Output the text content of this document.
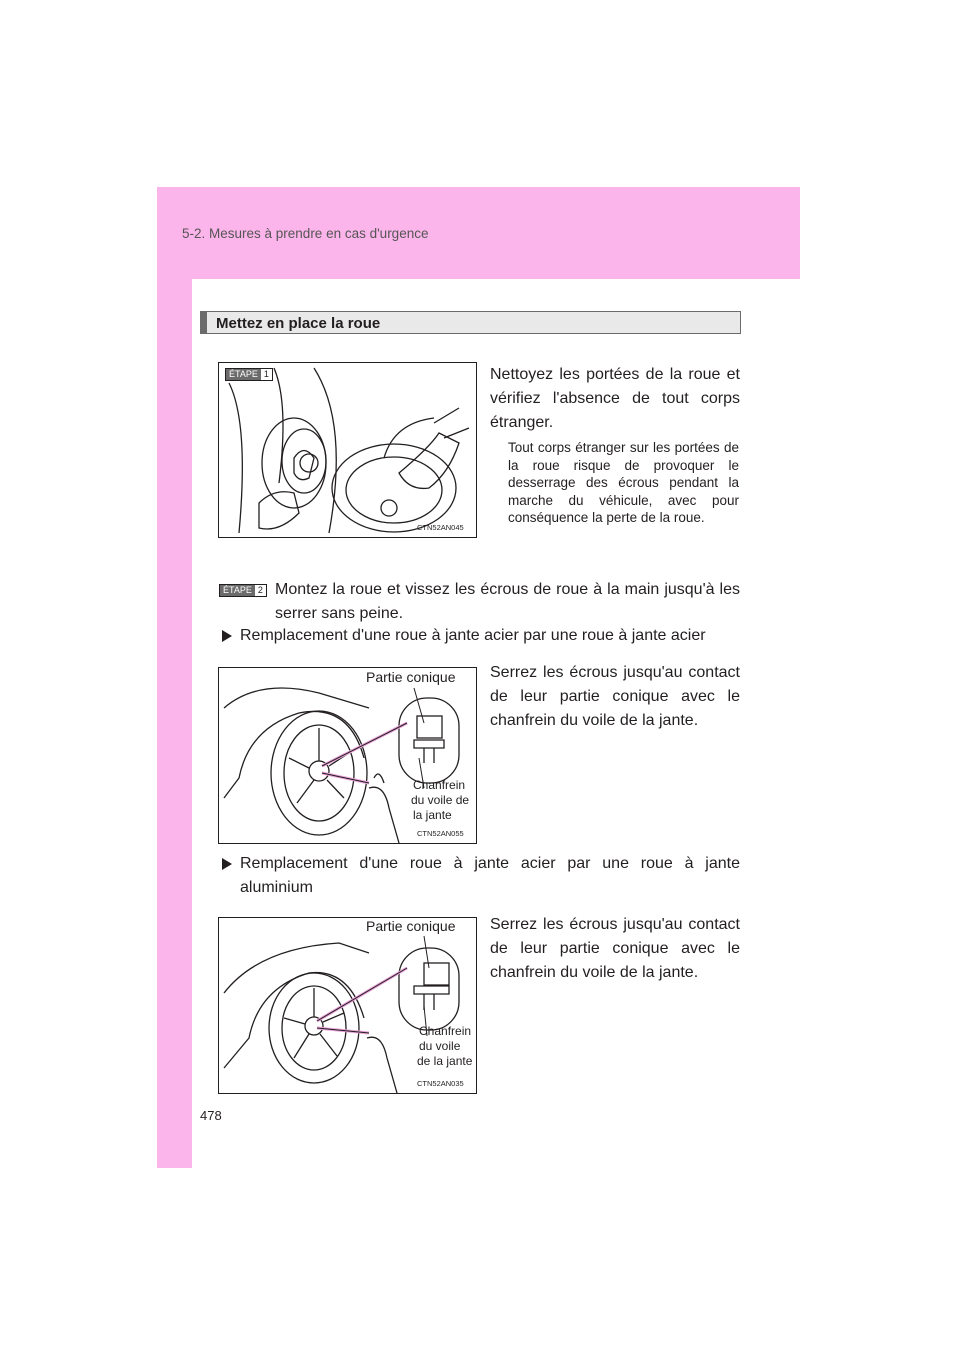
5-2. Mesures à prendre en cas d'urgence
478
Mettez en place la roue
ÉTAPE 1
CTN52AN045
Nettoyez les portées de la roue et vérifiez l'absence de tout corps étranger.
Tout corps étranger sur les portées de la roue risque de provoquer le desserrage des écrous pendant la marche du véhicule, avec pour conséquence la perte de la roue.
ÉTAPE 2 Montez la roue et vissez les écrous de roue à la main jusqu'à les serrer sans peine.
Remplacement d'une roue à jante acier par une roue à jante acier
CTN52AN055
Partie conique
Chanfrein
du voile de
la jante
Serrez les écrous jusqu'au contact de leur partie conique avec le chanfrein du voile de la jante.
Remplacement d'une roue à jante acier par une roue à jante aluminium
CTN52AN035
Partie conique
Chanfrein
du voile
de la jante
Serrez les écrous jusqu'au contact de leur partie conique avec le chanfrein du voile de la jante.
